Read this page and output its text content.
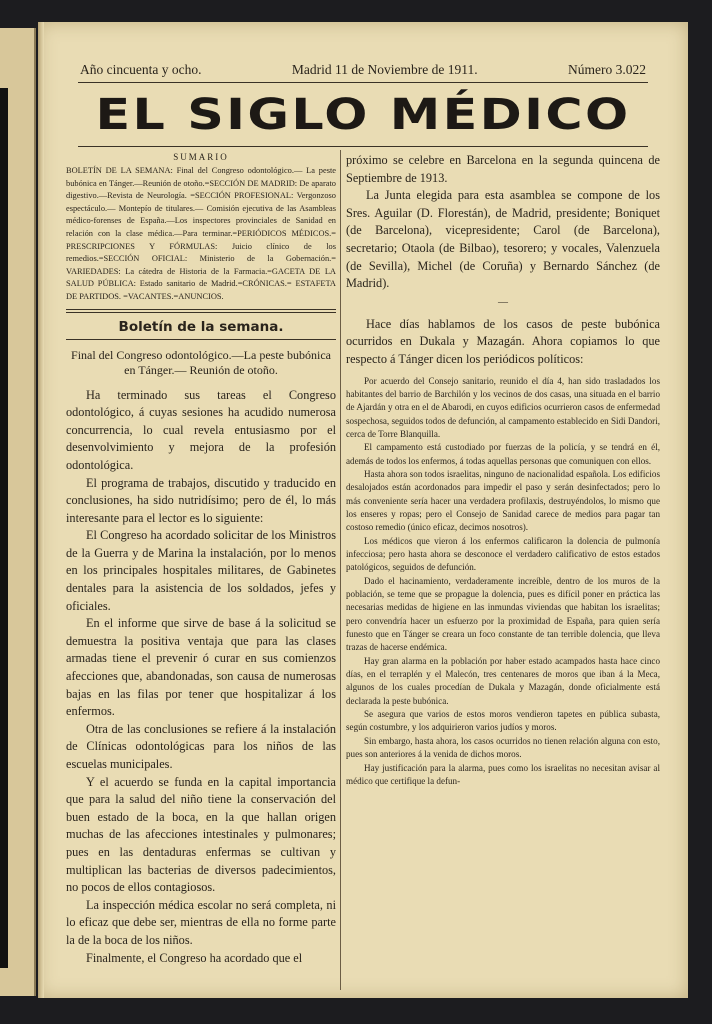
Año cincuenta y ocho.	Madrid 11 de Noviembre de 1911.	Número 3.022
EL SIGLO MÉDICO
SUMARIO

BOLETÍN DE LA SEMANA: Final del Congreso odontológico.— La peste bubónica en Tánger.—Reunión de otoño.=SECCIÓN DE MADRID: De aparato digestivo.—Revista de Neurología. =SECCIÓN PROFESIONAL: Vergonzoso espectáculo.— Montepío de titulares.— Comisión ejecutiva de las Asambleas médico-forenses de España.—Los inspectores provinciales de Sanidad en relación con la clase médica.—Para terminar.=PERIÓDICOS MÉDICOS.= PRESCRIPCIONES Y FÓRMULAS: Juicio clínico de los remedios.=SECCIÓN OFICIAL: Ministerio de la Gobernación.= VARIEDADES: La cátedra de Historia de la Farmacia.=GACETA DE LA SALUD PÚBLICA: Estado sanitario de Madrid.=CRÓNICAS.= ESTAFETA DE PARTIDOS. =VACANTES.=ANUNCIOS.

Boletín de la semana.

Final del Congreso odontológico.—La peste bubónica en Tánger.— Reunión de otoño.

Ha terminado sus tareas el Congreso odontológico, á cuyas sesiones ha acudido numerosa concurrencia, lo cual revela entusiasmo por el desenvolvimiento y mejora de la profesión odontológica.

El programa de trabajos, discutido y traducido en conclusiones, ha sido nutridísimo; pero de él, lo más interesante para el lector es lo siguiente:

El Congreso ha acordado solicitar de los Ministros de la Guerra y de Marina la instalación, por lo menos en los principales hospitales militares, de Gabinetes dentales para la asistencia de los soldados, jefes y oficiales.

En el informe que sirve de base á la solicitud se demuestra la positiva ventaja que para las clases armadas tiene el prevenir ó curar en sus comienzos afecciones que, abandonadas, son causa de numerosas bajas en las filas por tener que hospitalizar á los enfermos.

Otra de las conclusiones se refiere á la instalación de Clínicas odontológicas para los niños de las escuelas municipales.

Y el acuerdo se funda en la capital importancia que para la salud del niño tiene la conservación del buen estado de la boca, en la que hallan origen muchas de las afecciones intestinales y pulmonares; pues en las dentaduras enfermas se cultivan y multiplican las bacterias de diversos padecimientos, no pocos de ellos contagiosos.

La inspección médica escolar no será completa, ni lo eficaz que debe ser, mientras de ella no forme parte la de la boca de los niños.

Finalmente, el Congreso ha acordado que el

próximo se celebre en Barcelona en la segunda quincena de Septiembre de 1913.

La Junta elegida para esta asamblea se compone de los Sres. Aguilar (D. Florestán), de Madrid, presidente; Boniquet (de Barcelona), vicepresidente; Carol (de Barcelona), secretario; Otaola (de Bilbao), tesorero; y vocales, Valenzuela (de Sevilla), Michel (de Coruña) y Bernardo Sánchez (de Madrid).

—

Hace días hablamos de los casos de peste bubónica ocurridos en Dukala y Mazagán. Ahora copiamos lo que respecto á Tánger dicen los periódicos políticos:

Por acuerdo del Consejo sanitario, reunido el día 4, han sido trasladados los habitantes del barrio de Barchilón y los vecinos de dos casas, una situada en el barrio de Ajardán y otra en el de Abarodi, en cuyos edificios ocurrieron casos de enfermedad sospechosa, seguidos todos de defunción, al campamento establecido en Sidi Dandori, cerca de Torre Blanquilla.

El campamento está custodiado por fuerzas de la policía, y se tendrá en él, además de todos los enfermos, á todas aquellas personas que comuniquen con ellos.

Hasta ahora son todos israelitas, ninguno de nacionalidad española. Los edificios desalojados están acordonados para impedir el paso y serán desinfectados; pero lo más conveniente sería hacer una verdadera profilaxis, destruyéndolos, lo mismo que los enseres y ropas; pero el Consejo de Sanidad carece de medios para pagar tan costoso remedio (único eficaz, decimos nosotros).

Los médicos que vieron á los enfermos calificaron la dolencia de pulmonía infecciosa; pero hasta ahora se desconoce el verdadero calificativo de estos estados patológicos, seguidos de defunción.

Dado el hacinamiento, verdaderamente increíble, dentro de los muros de la población, se teme que se propague la dolencia, pues es difícil poner en práctica las necesarias medidas de higiene en las inmundas viviendas que habitan los israelitas; pero convendría hacer un esfuerzo por la proximidad de España, para quien sería funesto que en Tánger se creara un foco constante de tan terrible dolencia, que lleva trazas de hacerse endémica.

Hay gran alarma en la población por haber estado acampados hasta hace cinco días, en el terraplén y el Malecón, tres centenares de moros que iban á la Meca, algunos de los cuales procedían de Dukala y Mazagán, donde oficialmente está declarada la peste bubónica.

Se asegura que varios de estos moros vendieron tapetes en pública subasta, según costumbre, y los adquirieron varios judíos y moros.

Sin embargo, hasta ahora, los casos ocurridos no tienen relación alguna con esto, pues son anteriores á la venida de dichos moros.

Hay justificación para la alarma, pues como los israelitas no necesitan avisar al médico que certifique la defun-
